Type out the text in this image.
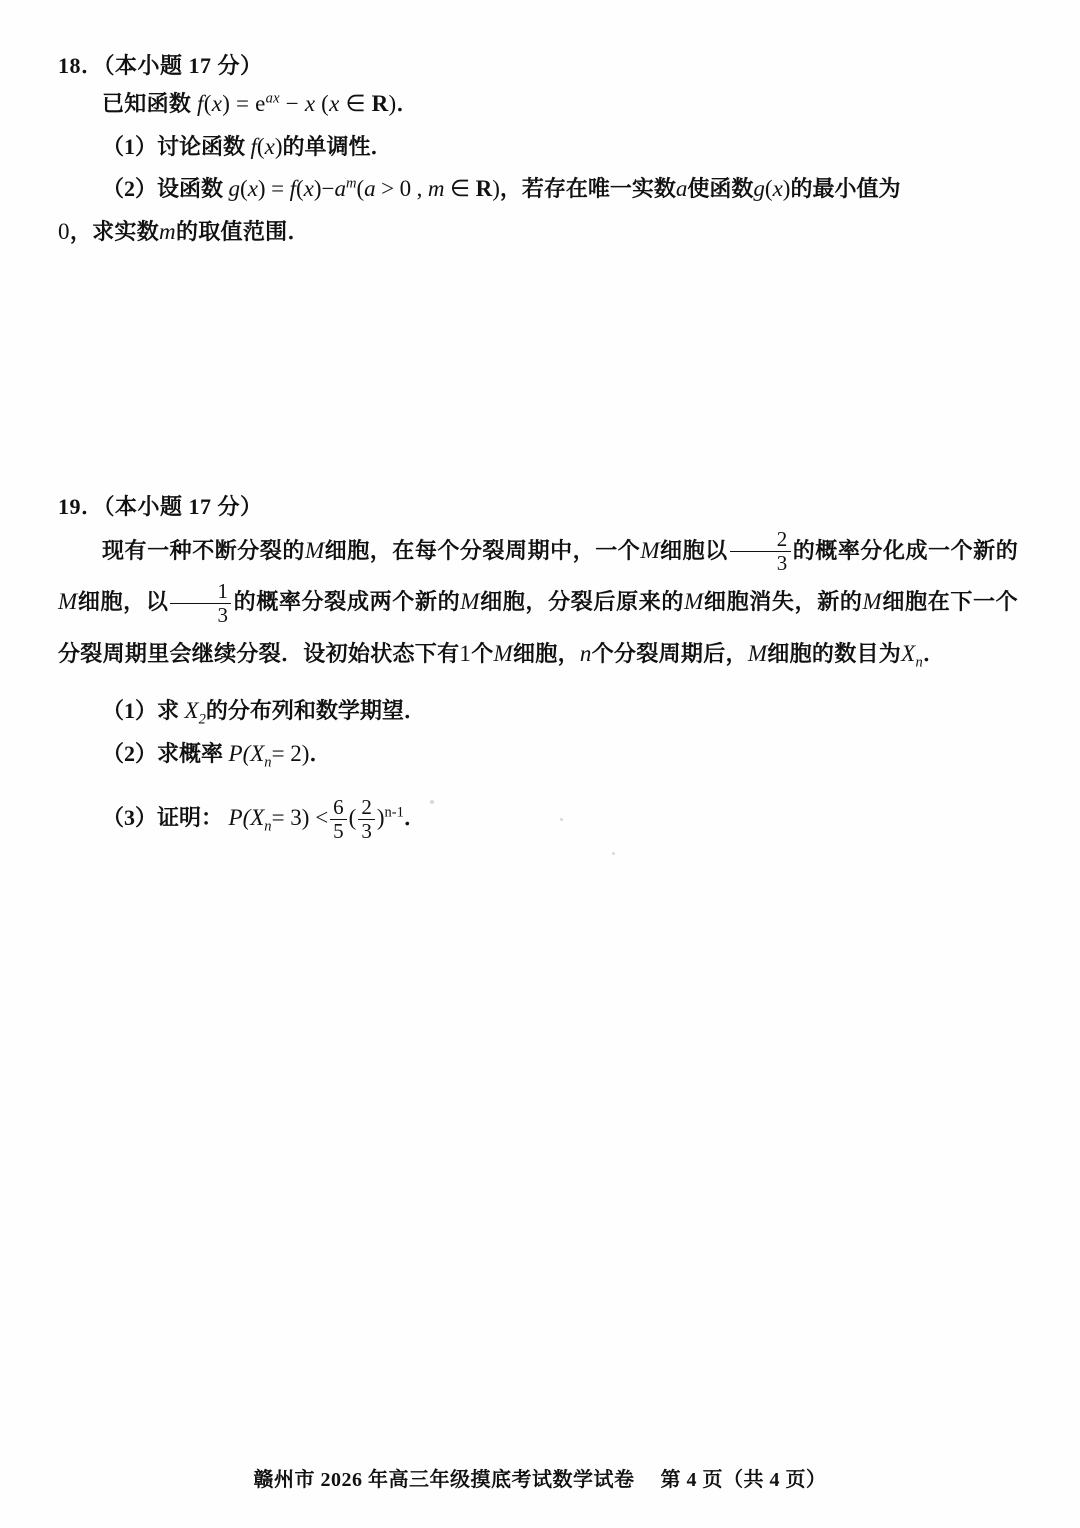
18．（本小题 17 分）
已知函数 $f(x) = e^{ax} - x$ (x ∈ R)．
（1）讨论函数 f(x)的单调性．
（2）设函数 $g(x) = f(x)-a^m(a > 0$ , m ∈ R)，若存在唯一实数a使函数g(x)的最小值为
0，求实数m的取值范围．
19．（本小题 17 分）
现有一种不断分裂的M细胞，在每个分裂周期中，一个M细胞以 $\frac{2}{3}$ 的概率分化成一个新的M细胞，以 $\frac{1}{3}$ 的概率分裂成两个新的M细胞，分裂后原来的M细胞消失，新的M细胞在下一个分裂周期里会继续分裂．设初始状态下有1个M细胞，n个分裂周期后，M细胞的数目为$X_n$．
（1）求 $X_2$的分布列和数学期望．
（2）求概率 $P(X_n= 2)$．
（3）证明： $P(X_n= 3) < \frac{6}{5}$ ( $\frac{2}{3} )^{n-1}$．
赣州市 2026 年高三年级摸底考试数学试卷 第 4 页（共 4 页）
